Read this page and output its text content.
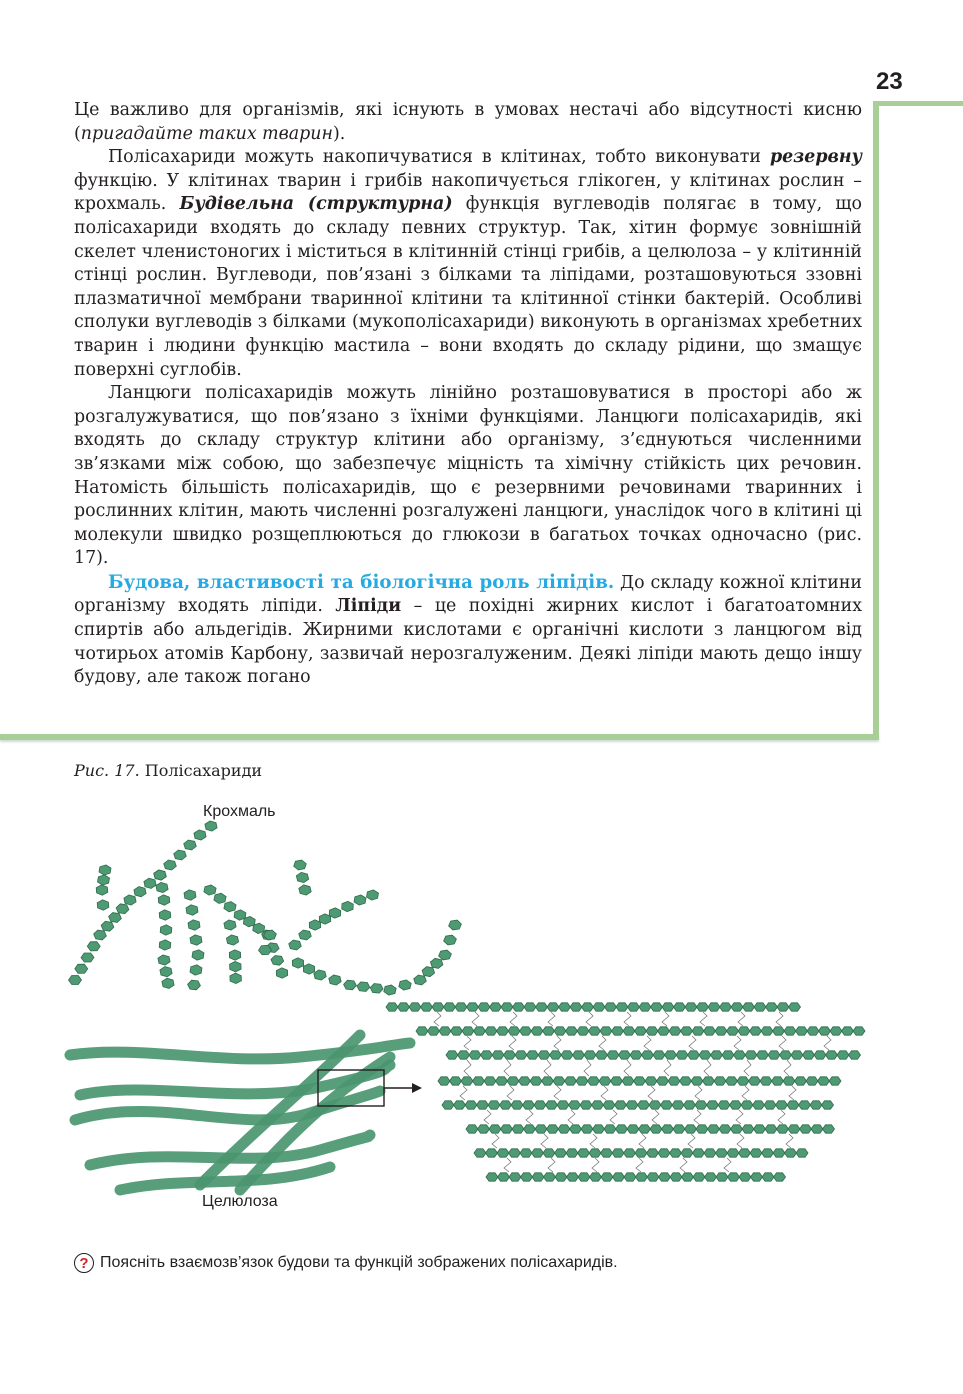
23

Це важливо для організмів, які існують в умовах нестачі або відсутності кисню (пригадайте таких тварин).

Полісахариди можуть накопичуватися в клітинах, тобто виконувати резервну функцію. У клітинах тварин і грибів накопичується глікоген, у клітинах рослин – крохмаль. Будівельна (структурна) функція вуглеводів полягає в тому, що полісахариди входять до складу певних структур. Так, хітин формує зовнішній скелет членистоногих і міститься в клітинній стінці грибів, а целюлоза – у клітинній стінці рослин. Вуглеводи, пов’язані з білками та ліпідами, розташовуються ззовні плазматичної мембрани тваринної клітини та клітинної стінки бактерій. Особливі сполуки вуглеводів з білками (мукополісахариди) виконують в організмах хребетних тварин і людини функцію мастила – вони входять до складу рідини, що змащує поверхні суглобів.

Ланцюги полісахаридів можуть лінійно розташовуватися в просторі або ж розгалужуватися, що пов’язано з їхніми функціями. Ланцюги полісахаридів, які входять до складу структур клітини або організму, з’єднуються численними зв’язками між собою, що забезпечує міцність та хімічну стійкість цих речовин. Натомість більшість полісахаридів, що є резервними речовинами тваринних і рослинних клітин, мають численні розгалужені ланцюги, унаслідок чого в клітині ці молекули швидко розщеплюються до глюкози в багатьох точках одночасно (рис. 17).

Будова, властивості та біологічна роль ліпідів. До складу кожної клітини організму входять ліпіди. Ліпіди – це похідні жирних кислот і багатоатомних спиртів або альдегідів. Жирними кислотами є органічні кислоти з ланцюгом від чотирьох атомів Карбону, зазвичай нерозгалуженим. Деякі ліпіди мають дещо іншу будову, але також погано

Рис. 17. Полісахариди
Крохмаль
Целюлоза
? Поясніть взаємозв’язок будови та функцій зображених полісахаридів.
